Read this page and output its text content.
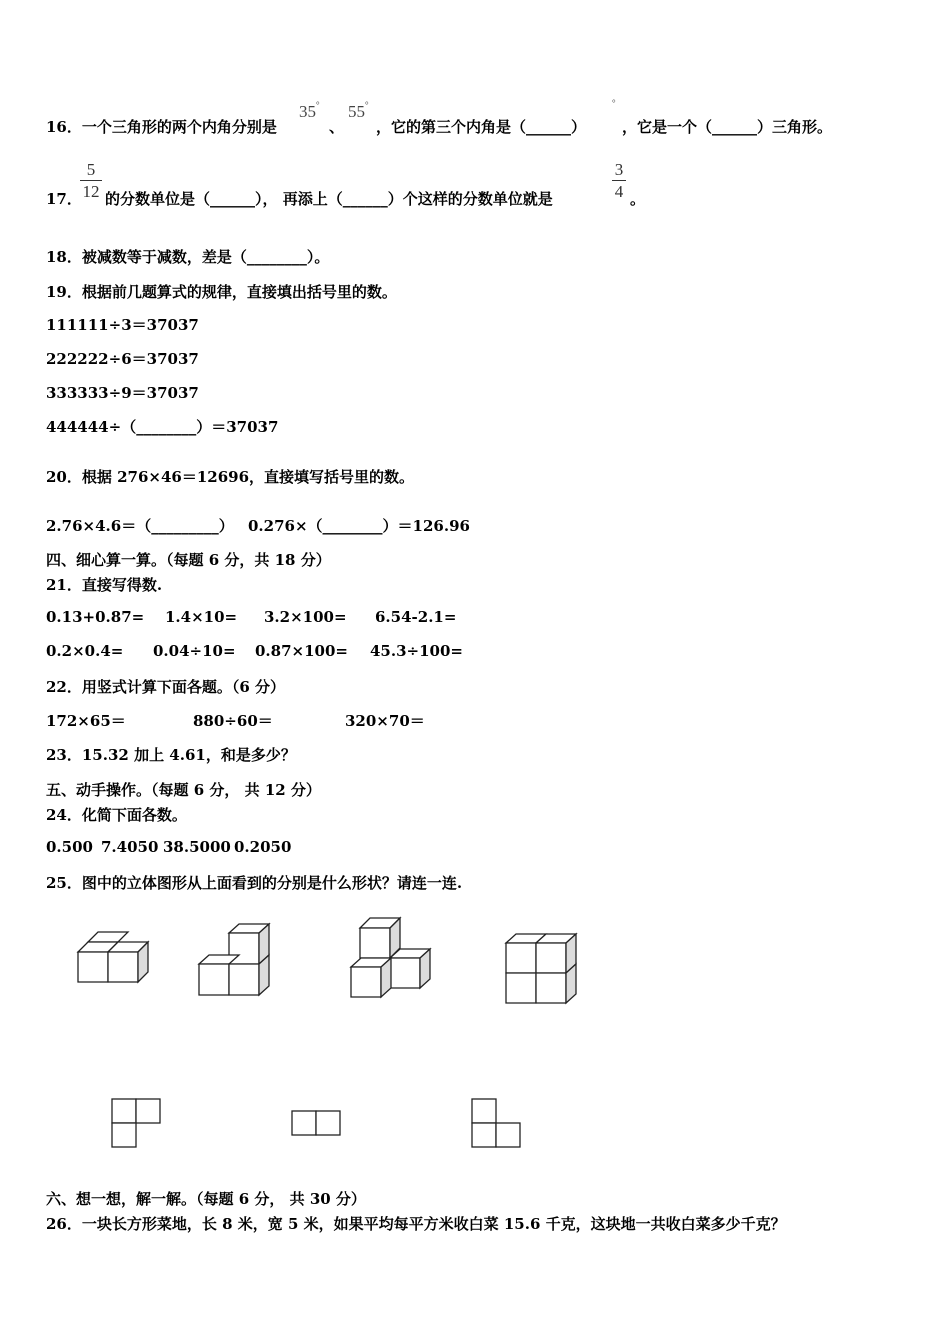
16．一个三角形的两个内角分别是
35°
、
55°
，它的第三个内角是（______）
°
，它是一个（______）三角形。
17．
5
12 的分数单位是（______）， 再添上（______）个这样的分数单位就是
3
4 。
18．被减数等于减数，差是（________）。
19．根据前几题算式的规律，直接填出括号里的数。
111111÷3＝37037
222222÷6＝37037
333333÷9＝37037
444444÷（________）＝37037
20．根据 276×46＝12696，直接填写括号里的数。
2.76×4.6＝（_________） 0.276×（________）＝126.96
四、细心算一算。（每题 6 分，共 18 分）
21．直接写得数.
0.13+0.87= 1.4×10= 3.2×100= 6.54-2.1=
0.2×0.4= 0.04÷10= 0.87×100= 45.3÷100=
22．用竖式计算下面各题。（6 分）
172×65＝	880÷60＝	320×70＝
23．15.32 加上 4.61，和是多少？
五、动手操作。（每题 6 分， 共 12 分）
24．化简下面各数。
0.500 7.4050 38.5000 0.2050
25．图中的立体图形从上面看到的分别是什么形状？请连一连.
六、想一想，解一解。（每题 6 分， 共 30 分）
26．一块长方形菜地，长 8 米，宽 5 米，如果平均每平方米收白菜 15.6 千克，这块地一共收白菜多少千克？
